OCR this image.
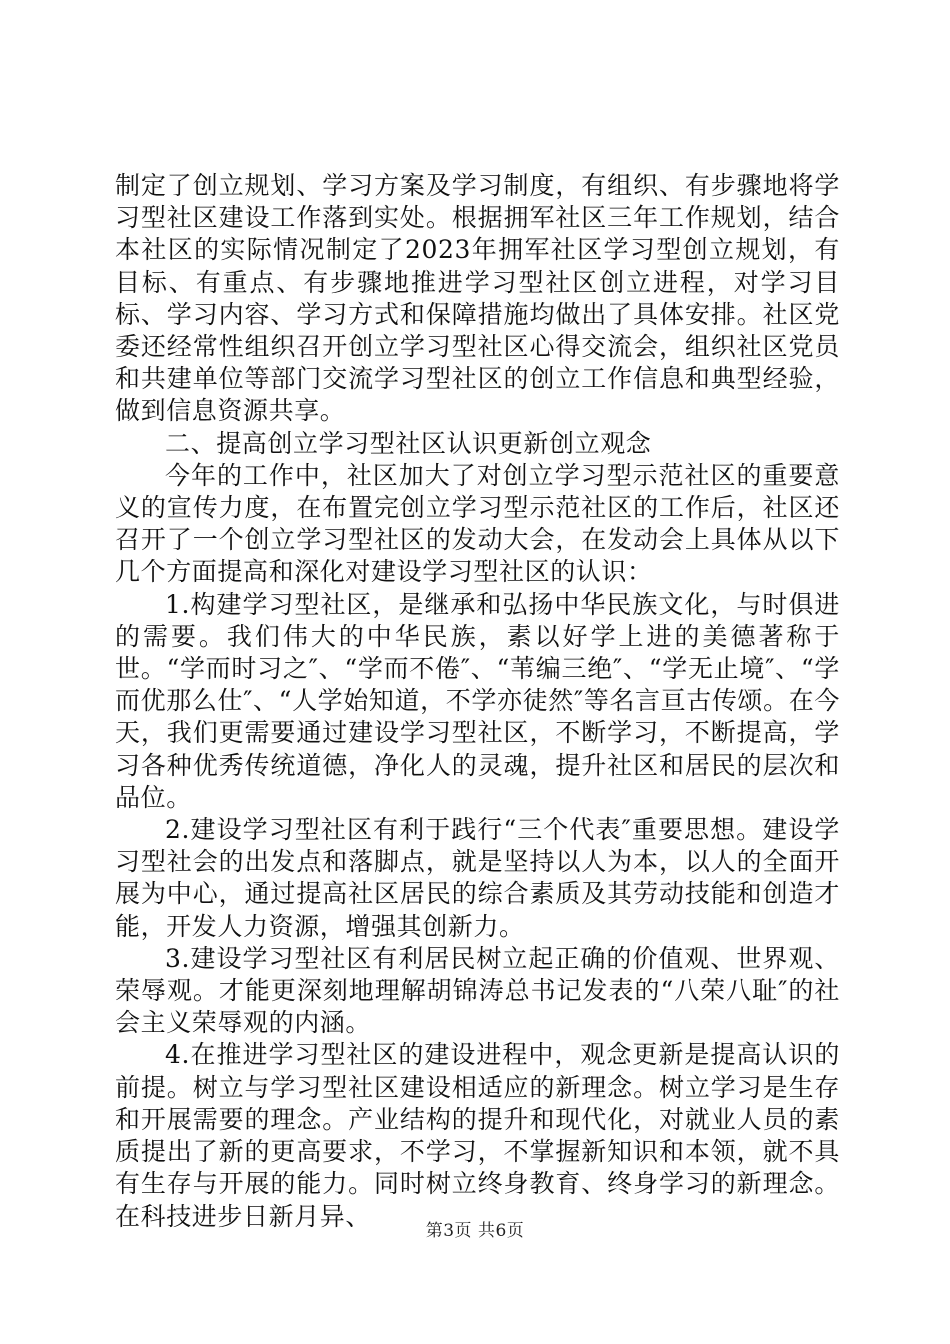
制定了创立规划、学习方案及学习制度，有组织、有步骤地将学习型社区建设工作落到实处。根据拥军社区三年工作规划，结合本社区的实际情况制定了2023年拥军社区学习型创立规划，有目标、有重点、有步骤地推进学习型社区创立进程，对学习目标、学习内容、学习方式和保障措施均做出了具体安排。社区党委还经常性组织召开创立学习型社区心得交流会，组织社区党员和共建单位等部门交流学习型社区的创立工作信息和典型经验，做到信息资源共享。

二、提高创立学习型社区认识更新创立观念

今年的工作中，社区加大了对创立学习型示范社区的重要意义的宣传力度，在布置完创立学习型示范社区的工作后，社区还召开了一个创立学习型社区的发动大会，在发动会上具体从以下几个方面提高和深化对建设学习型社区的认识：

1.构建学习型社区，是继承和弘扬中华民族文化，与时俱进的需要。我们伟大的中华民族，素以好学上进的美德著称于世。“学而时习之″、“学而不倦″、“苇编三绝″、“学无止境″、“学而优那么仕″、“人学始知道，不学亦徒然″等名言亘古传颂。在今天，我们更需要通过建设学习型社区，不断学习，不断提高，学习各种优秀传统道德，净化人的灵魂，提升社区和居民的层次和品位。

2.建设学习型社区有利于践行“三个代表″重要思想。建设学习型社会的出发点和落脚点，就是坚持以人为本，以人的全面开展为中心，通过提高社区居民的综合素质及其劳动技能和创造才能，开发人力资源，增强其创新力。

3.建设学习型社区有利居民树立起正确的价值观、世界观、荣辱观。才能更深刻地理解胡锦涛总书记发表的“八荣八耻″的社会主义荣辱观的内涵。

4.在推进学习型社区的建设进程中，观念更新是提高认识的前提。树立与学习型社区建设相适应的新理念。树立学习是生存和开展需要的理念。产业结构的提升和现代化，对就业人员的素质提出了新的更高要求，不学习，不掌握新知识和本领，就不具有生存与开展的能力。同时树立终身教育、终身学习的新理念。在科技进步日新月异、

第3页 共6页
